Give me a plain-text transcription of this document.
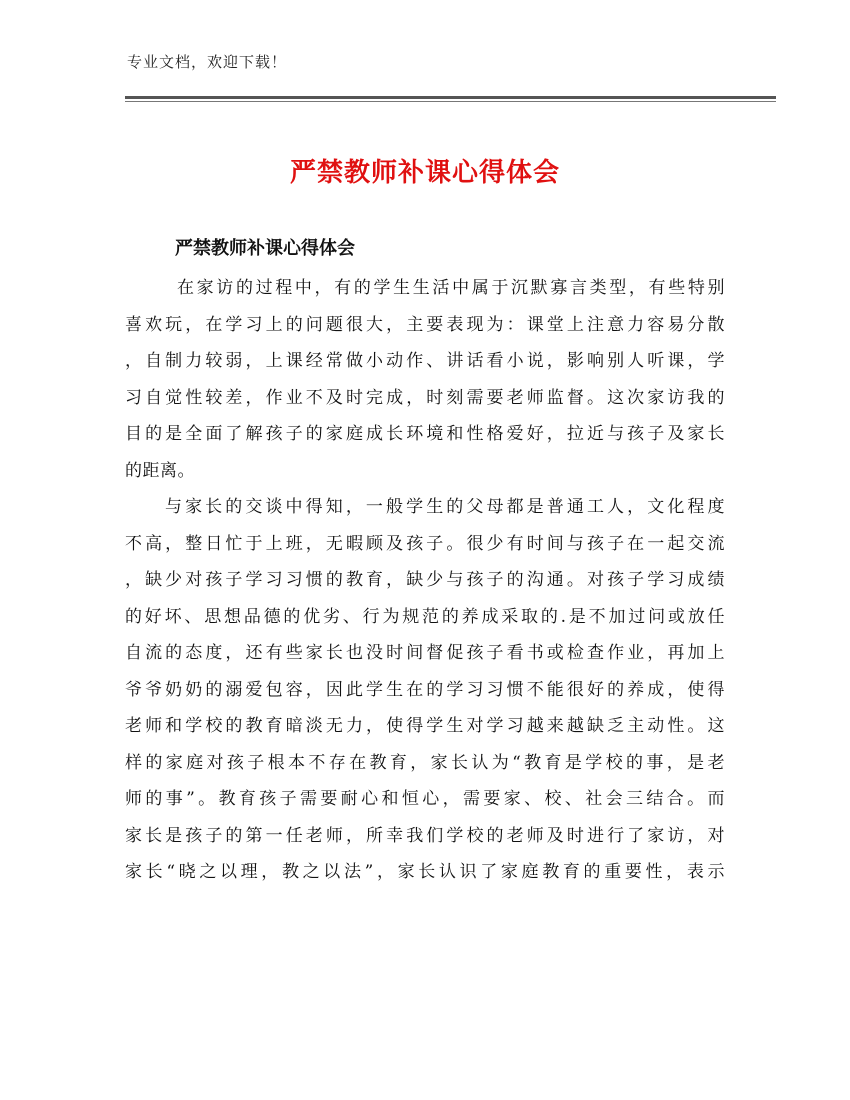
专业文档，欢迎下载！
严禁教师补课心得体会
严禁教师补课心得体会
在家访的过程中，有的学生生活中属于沉默寡言类型，有些特别
喜欢玩，在学习上的问题很大，主要表现为：课堂上注意力容易分散
，自制力较弱，上课经常做小动作、讲话看小说，影响别人听课，学
习自觉性较差，作业不及时完成，时刻需要老师监督。这次家访我的
目的是全面了解孩子的家庭成长环境和性格爱好，拉近与孩子及家长
的距离。
与家长的交谈中得知，一般学生的父母都是普通工人，文化程度
不高，整日忙于上班，无暇顾及孩子。很少有时间与孩子在一起交流
，缺少对孩子学习习惯的教育，缺少与孩子的沟通。对孩子学习成绩
的好坏、思想品德的优劣、行为规范的养成采取的.是不加过问或放任
自流的态度，还有些家长也没时间督促孩子看书或检查作业，再加上
爷爷奶奶的溺爱包容，因此学生在的学习习惯不能很好的养成，使得
老师和学校的教育暗淡无力，使得学生对学习越来越缺乏主动性。这
样的家庭对孩子根本不存在教育，家长认为“教育是学校的事，是老
师的事”。教育孩子需要耐心和恒心，需要家、校、社会三结合。而
家长是孩子的第一任老师，所幸我们学校的老师及时进行了家访，对
家长“晓之以理，教之以法”，家长认识了家庭教育的重要性，表示
